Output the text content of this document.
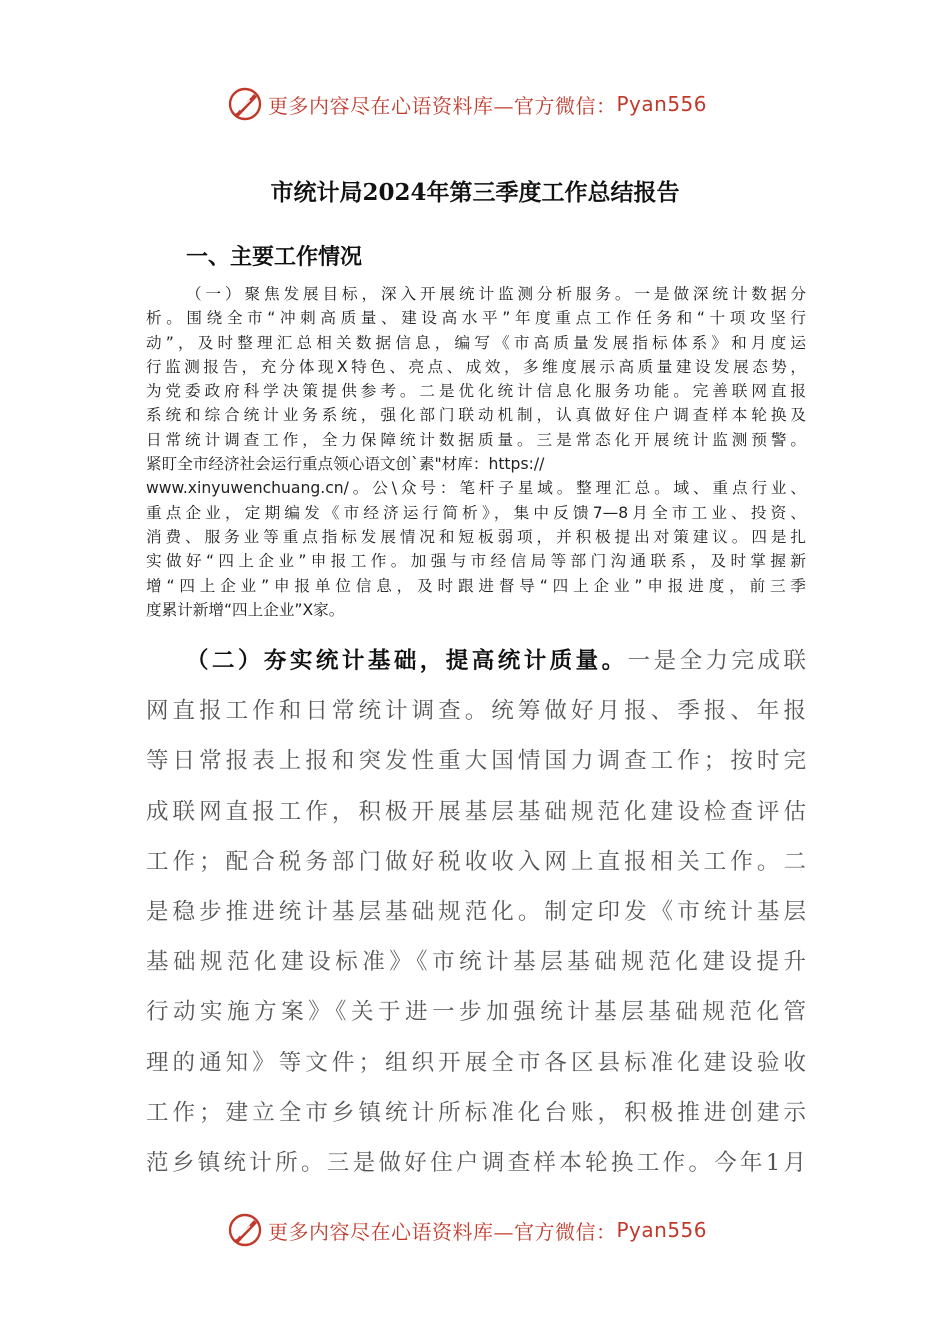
更多内容尽在心语资料库—官方微信： Pyan556
市统计局2024年第三季度工作总结报告
一、主要工作情况
（一）聚焦发展目标，深入开展统计监测分析服务。一是做深统计数据分
析。围绕全市“冲刺高质量、建设高水平”年度重点工作任务和“十项攻坚行
动”，及时整理汇总相关数据信息，编写《市高质量发展指标体系》和月度运
行监测报告，充分体现X特色、亮点、成效，多维度展示高质量建设发展态势，
为党委政府科学决策提供参考。二是优化统计信息化服务功能。完善联网直报
系统和综合统计业务系统，强化部门联动机制，认真做好住户调查样本轮换及
日常统计调查工作，全力保障统计数据质量。三是常态化开展统计监测预警。
紧盯全市经济社会运行重点领心语文创`素"材库：https://
www.xinyuwenchuang.cn/。公\众号：笔杆子星域。整理汇总。域、重点行业、
重点企业，定期编发《市经济运行简析》，集中反馈7—8月全市工业、投资、
消费、服务业等重点指标发展情况和短板弱项，并积极提出对策建议。四是扎
实做好“四上企业”申报工作。加强与市经信局等部门沟通联系，及时掌握新
增“四上企业”申报单位信息，及时跟进督导“四上企业”申报进度，前三季
度累计新增“四上企业”X家。
（二）夯实统计基础，提高统计质量。一是全力完成联
网直报工作和日常统计调查。统筹做好月报、季报、年报
等日常报表上报和突发性重大国情国力调查工作；按时完
成联网直报工作，积极开展基层基础规范化建设检查评估
工作；配合税务部门做好税收收入网上直报相关工作。二
是稳步推进统计基层基础规范化。制定印发《市统计基层
基础规范化建设标准》《市统计基层基础规范化建设提升
行动实施方案》《关于进一步加强统计基层基础规范化管
理的通知》等文件；组织开展全市各区县标准化建设验收
工作；建立全市乡镇统计所标准化台账，积极推进创建示
范乡镇统计所。三是做好住户调查样本轮换工作。今年1月
更多内容尽在心语资料库—官方微信： Pyan556
